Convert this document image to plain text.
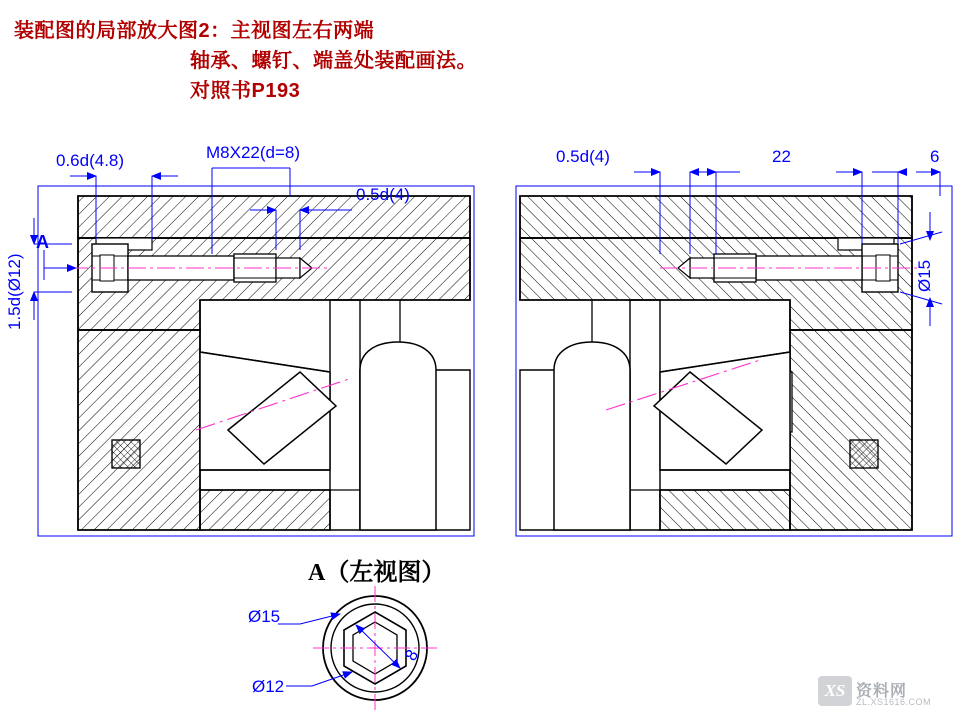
装配图的局部放大图2：主视图左右两端
轴承、螺钉、端盖处装配画法。
对照书P193
0.6d(4.8)	M8X22(d=8)
0.5d(4)
1.5d(Ø12)
A
0.5d(4)	22	6
Ø15
A（左视图）
Ø15
Ø12
8
XS 资料网
ZL.XS1616.COM
